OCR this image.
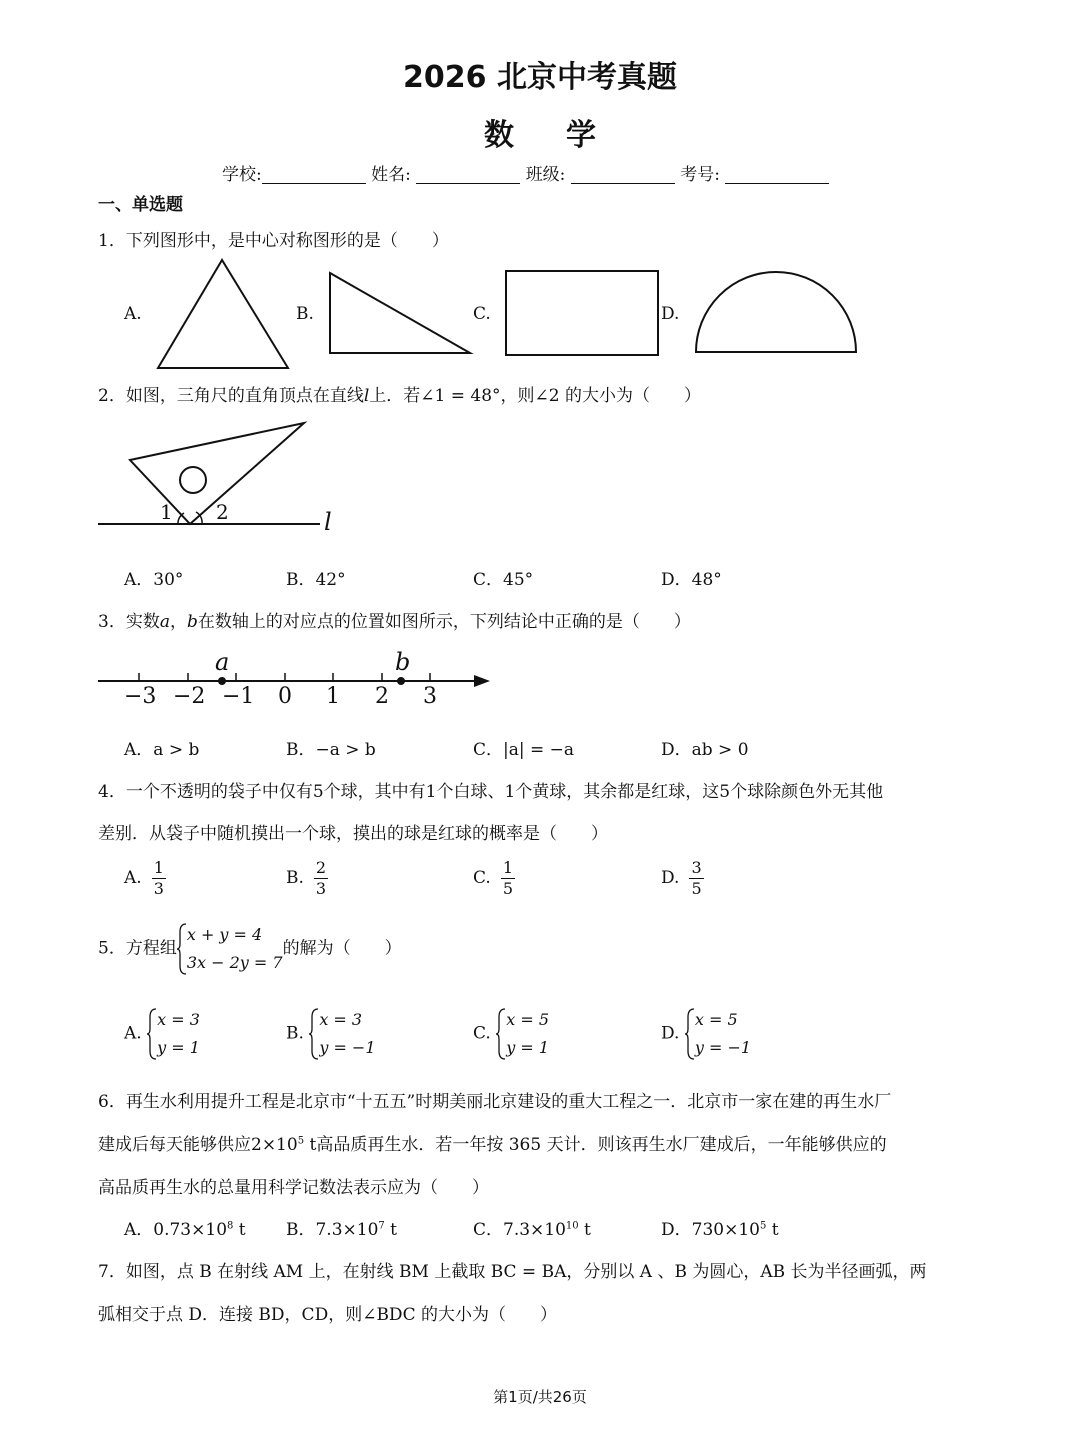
2026 北京中考真题
数学
学校:	姓名:	班级:	考号:
一、单选题
1．下列图形中，是中心对称图形的是（　　）
A.	B.	C.	D.
2．如图，三角尺的直角顶点在直线l上．若∠1 = 48°，则∠2 的大小为（　　）
1 2	l
A．30°	B．42°	C．45°	D．48°
3．实数a，b在数轴上的对应点的位置如图所示，下列结论中正确的是（　　）
−3 −2 −1 0 1 2 3
a	b
A．a > b	B．−a > b	C．|a| = −a	D．ab > 0
4．一个不透明的袋子中仅有5个球，其中有1个白球、1个黄球，其余都是红球，这5个球除颜色外无其他
差别．从袋子中随机摸出一个球，摸出的球是红球的概率是（　　）
A. $\frac{1}{3}$	B. $\frac{2}{3}$	C. $\frac{1}{5}$	D. $\frac{3}{5}$
5．方程组
x + y = 4
3x − 2y = 7
的解为（　　）
A.
x = 3
y = 1
B.
x = 3
y = −1
C.
x = 5
y = 1
D.
x = 5
y = −1
6．再生水利用提升工程是北京市“十五五”时期美丽北京建设的重大工程之一．北京市一家在建的再生水厂
建成后每天能够供应$2\times 10^5$ t高品质再生水．若一年按 365 天计．则该再生水厂建成后，一年能够供应的
高品质再生水的总量用科学记数法表示应为（　　）
A．$0.73\times 10^8$ t B．$7.3\times 10^7$ t	C．$7.3\times 10^{10}$ t	D．$730\times 10^5$ t
7．如图，点 B 在射线 AM 上，在射线 BM 上截取 BC = BA，分别以 A 、B 为圆心，AB 长为半径画弧，两
弧相交于点 D．连接 BD，CD，则∠BDC 的大小为（　　）
第1页/共26页
